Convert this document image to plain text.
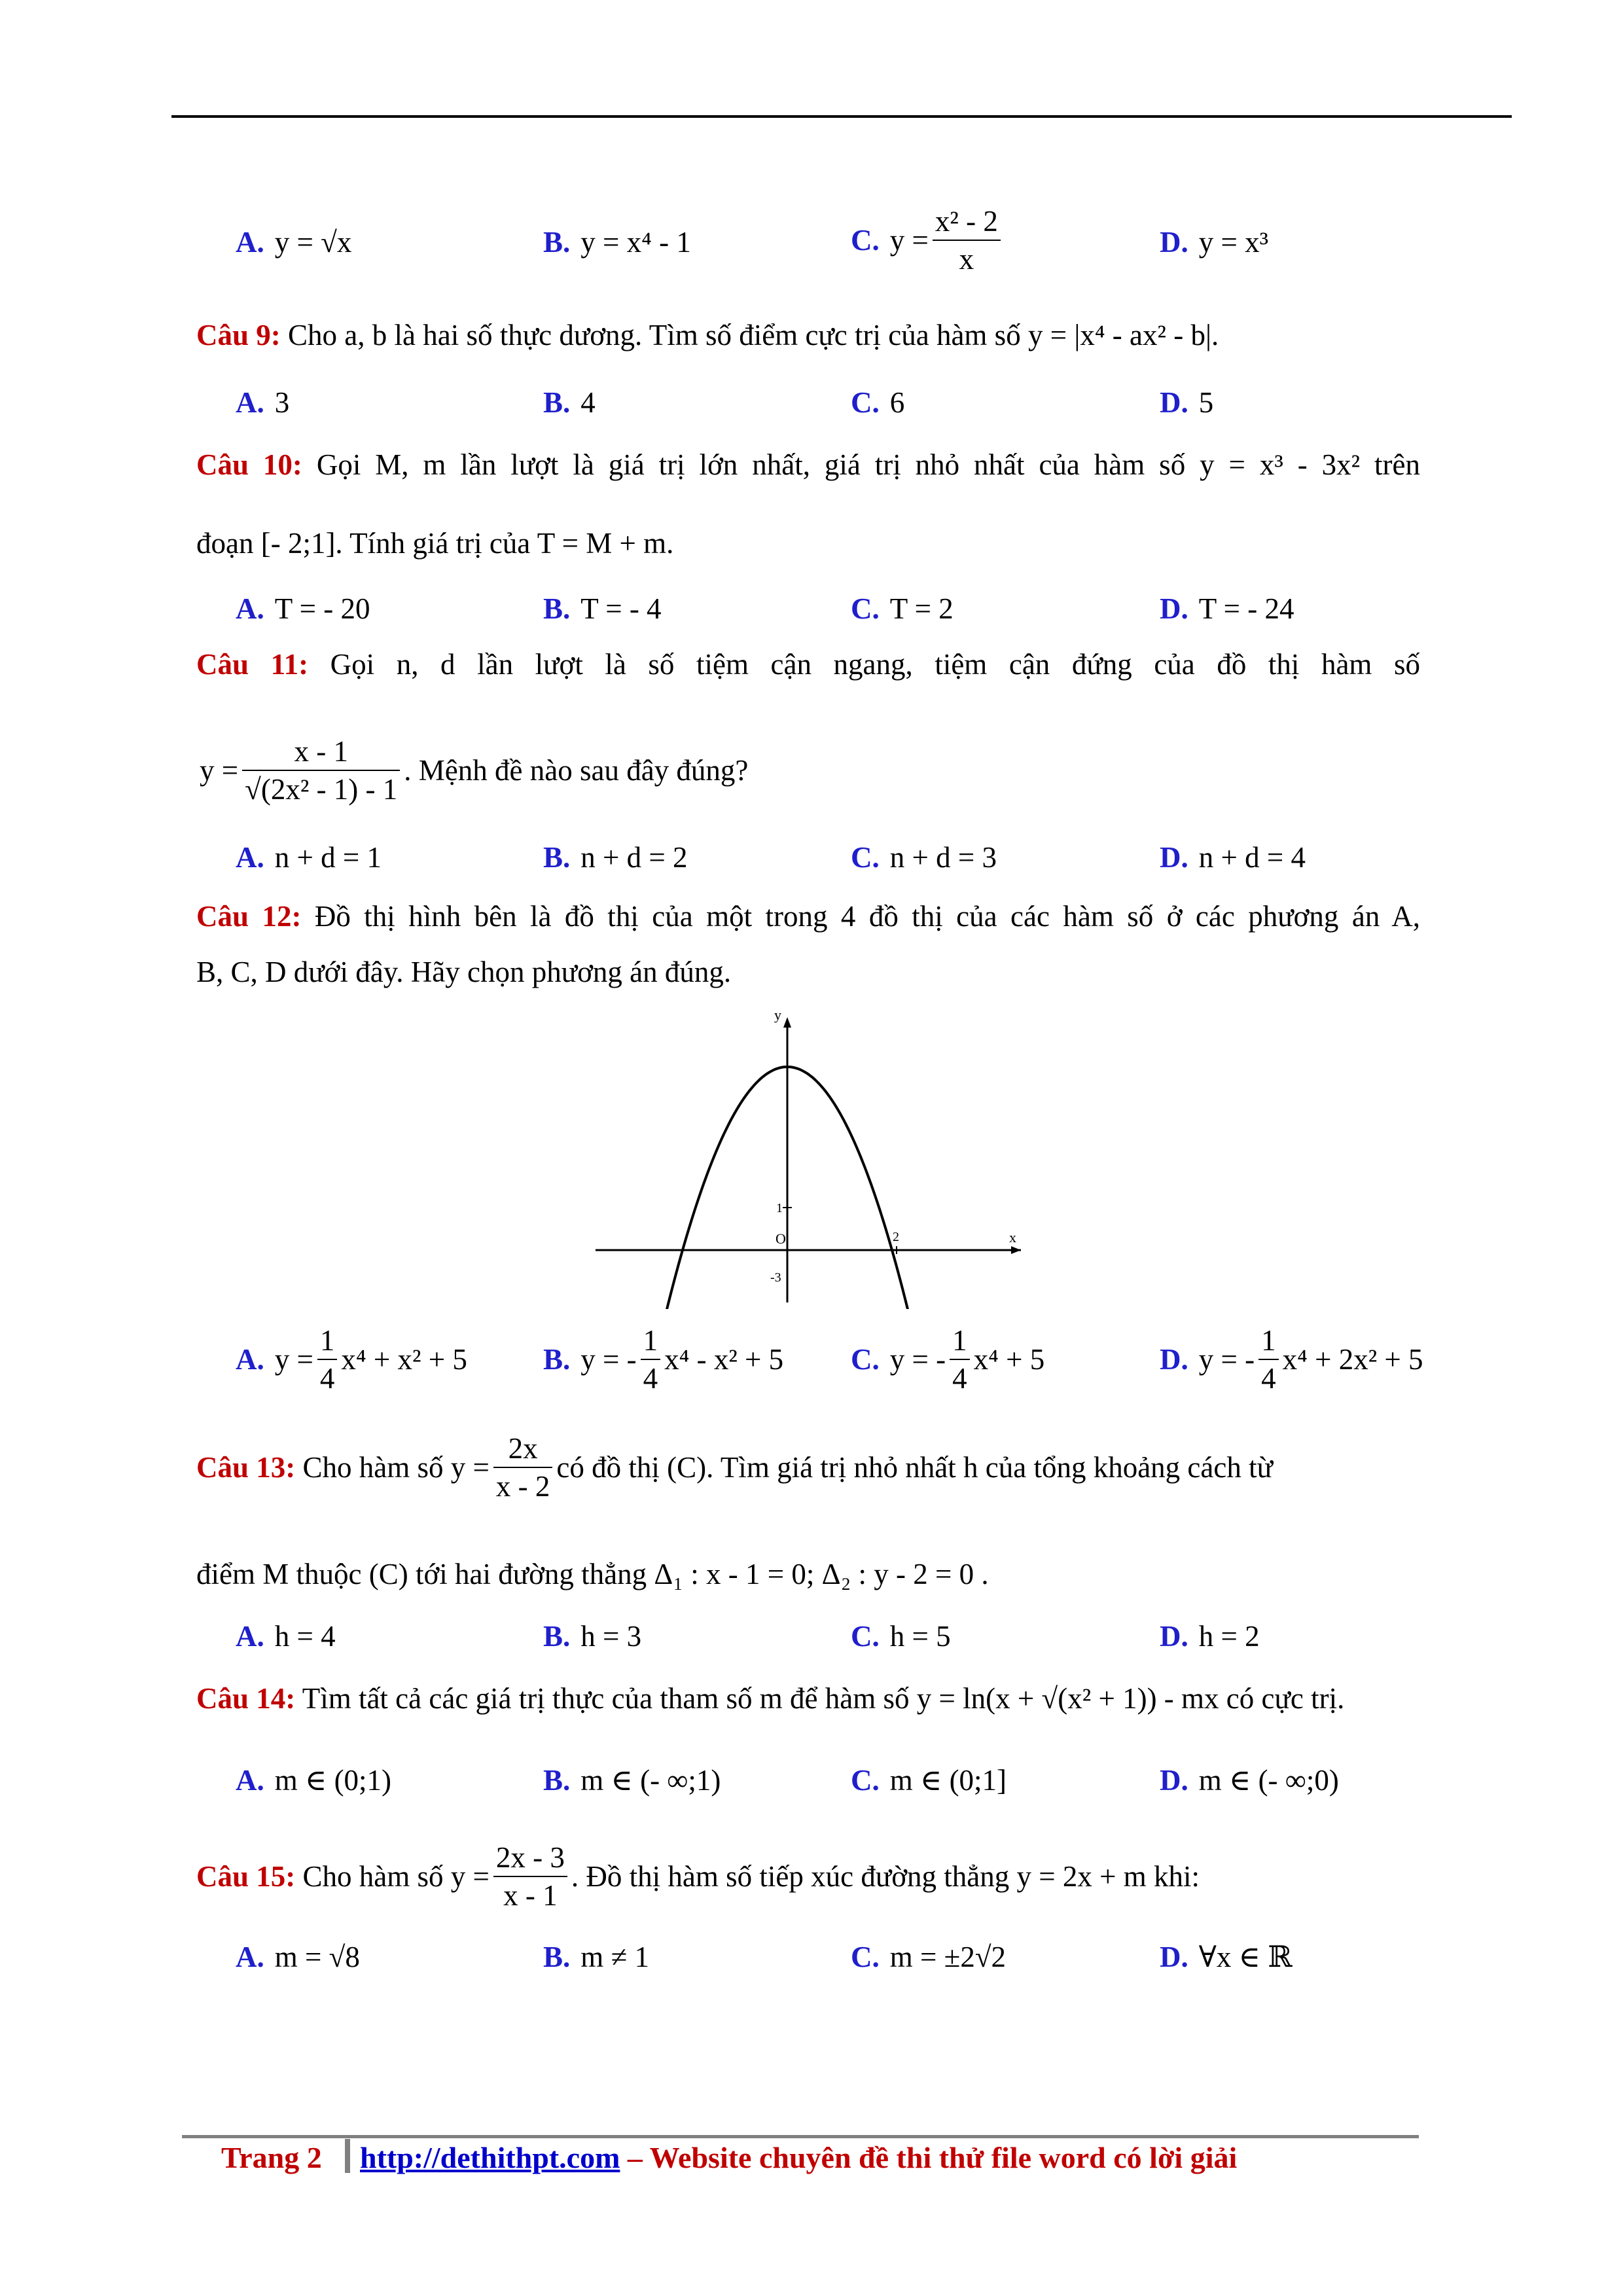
A. y = √x	B. y = x⁴ - 1	C. $y = \frac{\text{x² - 2}}{x}$	D. y = x³
Câu 9: Cho a, b là hai số thực dương. Tìm số điểm cực trị của hàm số y = |x⁴ - ax² - b|.
A. 3	B. 4	C. 6	D. 5
Câu 10: Gọi M, m lần lượt là giá trị lớn nhất, giá trị nhỏ nhất của hàm số y = x³ - 3x² trên
đoạn [- 2;1]. Tính giá trị của T = M + m.
A. T = - 20	B. T = - 4	C. T = 2	D. T = - 24
Câu 11: Gọi n, d lần lượt là số tiệm cận ngang, tiệm cận đứng của đồ thị hàm số
$y = \frac{x - 1}{\text{√(2x² - 1) - 1}}$ . Mệnh đề nào sau đây đúng?
A. n + d = 1	B. n + d = 2	C. n + d = 3	D. n + d = 4
Câu 12: Đồ thị hình bên là đồ thị của một trong 4 đồ thị của các hàm số ở các phương án A,
B, C, D dưới đây. Hãy chọn phương án đúng.
y
x
O
1
2
-3
A. $y = \frac{1}{4} x^4 + x^2 + 5$	B. y = - $\frac{1}{4} x^4 - x^2 + 5$ C. y = - $\frac{1}{4} x^4 + 5$	D. y = - $\frac{1}{4} x^4 + 2x^2 + 5$
Câu 13: Cho hàm số $y = \frac{2x}{x - 2}$ có đồ thị (C). Tìm giá trị nhỏ nhất h của tổng khoảng cách từ
điểm M thuộc (C) tới hai đường thẳng Δ₁ : x - 1 = 0; Δ₂ : y - 2 = 0 .
A. h = 4	B. h = 3	C. h = 5	D. h = 2
Câu 14: Tìm tất cả các giá trị thực của tham số m để hàm số y = ln(x + √(x² + 1)) - mx có cực trị.
A. m ∈ (0;1)	B. m ∈ (- ∞;1)	C. m ∈ (0;1]	D. m ∈ (- ∞;0)
Câu 15: Cho hàm số $y = \frac{2x - 3}{x - 1}$ . Đồ thị hàm số tiếp xúc đường thẳng y = 2x + m khi:
A. m = √8	B. m ≠ 1	C. m = ±2√2	D. ∀x ∈ ℝ
Trang 2 http://dethithpt.com – Website chuyên đề thi thử file word có lời giải
